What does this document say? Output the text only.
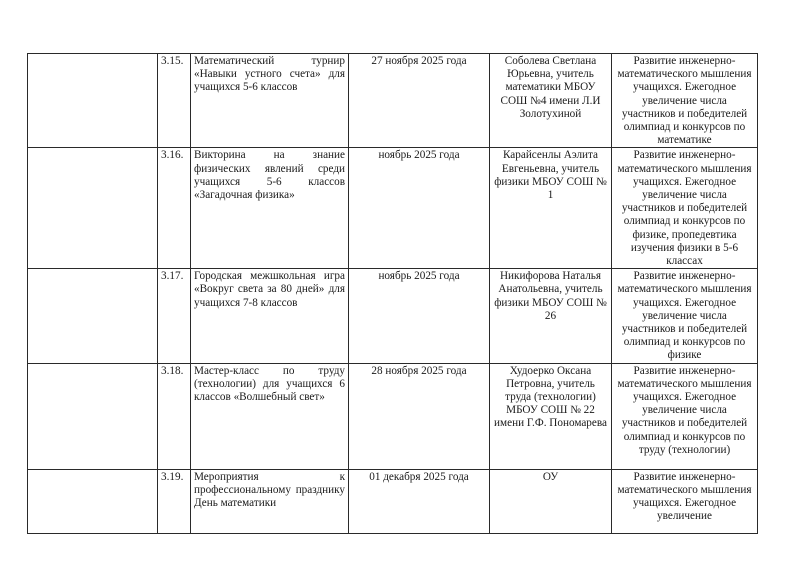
	3.15.	Математический турнир «Навыки устного счета» для учащихся 5-6 классов	27 ноября 2025 года	Соболева Светлана Юрьевна, учитель математики МБОУ СОШ №4 имени Л.И Золотухиной	Развитие инженерно-математического мышления учащихся. Ежегодное увеличение числа участников и победителей олимпиад и конкурсов по математике
	3.16.	Викторина на знание физических явлений среди учащихся 5-6 классов «Загадочная физика»	ноябрь 2025 года	Карайсенлы Аэлита Евгеньевна, учитель физики МБОУ СОШ № 1	Развитие инженерно-математического мышления учащихся. Ежегодное увеличение числа участников и победителей олимпиад и конкурсов по физике, пропедевтика изучения физики в 5-6 классах
	3.17.	Городская межшкольная игра «Вокруг света за 80 дней» для учащихся 7-8 классов	ноябрь 2025 года	Никифорова Наталья Анатольевна, учитель физики МБОУ СОШ № 26	Развитие инженерно-математического мышления учащихся. Ежегодное увеличение числа участников и победителей олимпиад и конкурсов по физике
	3.18.	Мастер-класс по труду (технологии) для учащихся 6 классов «Волшебный свет»	28 ноября 2025 года	Худоерко Оксана Петровна, учитель труда (технологии) МБОУ СОШ № 22 имени Г.Ф. Пономарева	Развитие инженерно-математического мышления учащихся. Ежегодное увеличение числа участников и победителей олимпиад и конкурсов по труду (технологии)
	3.19.	Мероприятия к профессиональному празднику День математики	01 декабря 2025 года	ОУ	Развитие инженерно-математического мышления учащихся. Ежегодное увеличение
